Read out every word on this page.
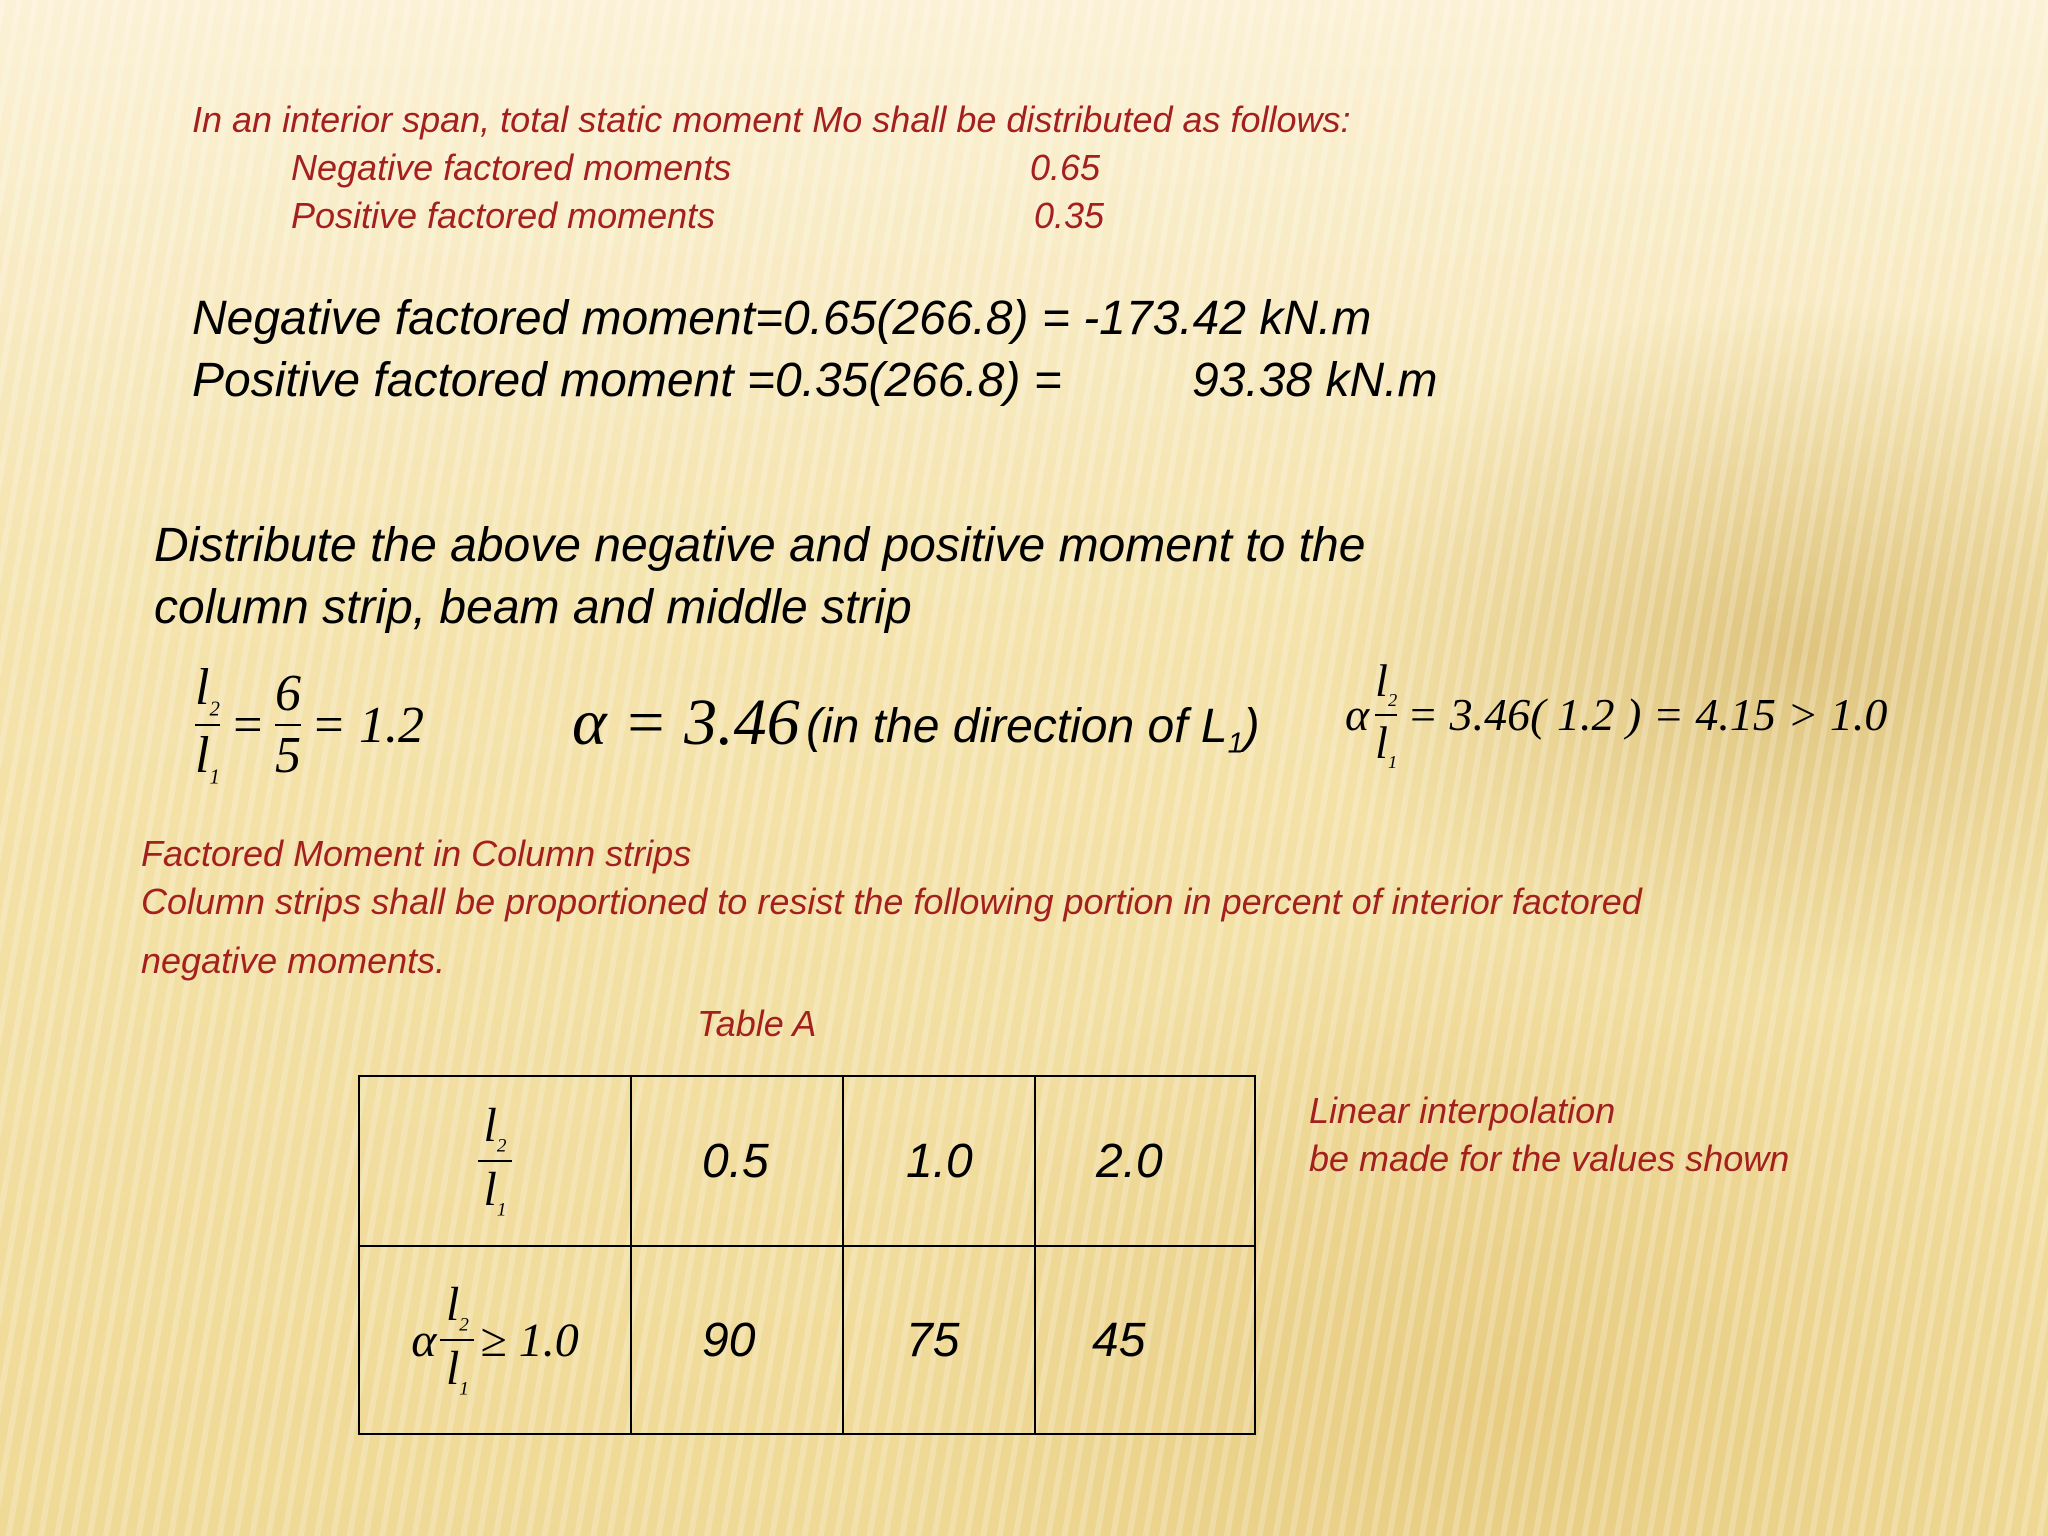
In an interior span, total static moment Mo shall be distributed as follows:
Negative factored moments	0.65
Positive factored moments	0.35
Negative factored moment=0.65(266.8) = -173.42 kN.m
Positive factored moment =0.35(266.8) =	93.38 kN.m
Distribute the above negative and positive moment to the
column strip, beam and middle strip
$\frac{l_2}{l_1} = \frac{6}{5} = 1.2$ α = 3.46 (in the direction of $L_1$) α $\frac{l_2}{l_1} = 3.46$( 1.2 ) = 4.15 > 1.0
Factored Moment in Column strips
Column strips shall be proportioned to resist the following portion in percent of interior factored
negative moments.
Table A
$\frac{l_2}{l_1}$	0.5	1.0	2.0

α $\frac{l_2}{l_1} \ge 1.0$	90	75	45
Linear interpolation
be made for the values shown
